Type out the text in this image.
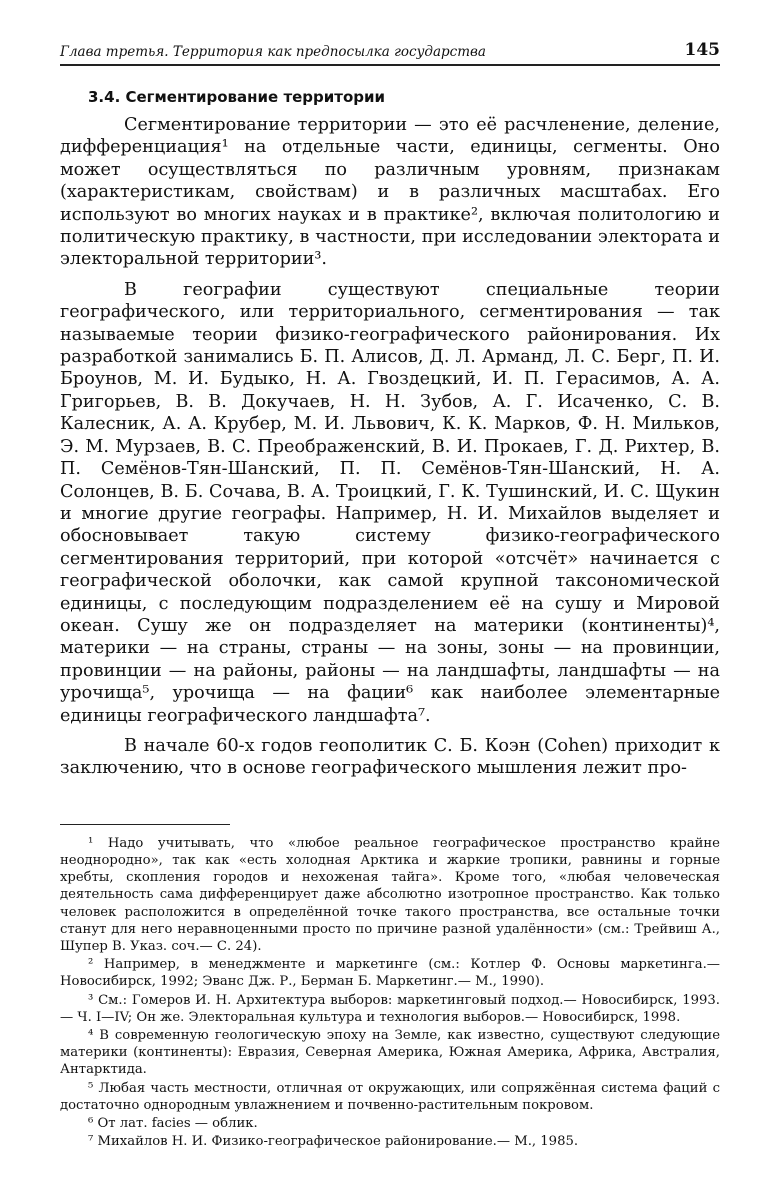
Глава третья. Территория как предпосылка государства	145
3.4. Сегментирование территории

Сегментирование территории — это её расчленение, деление, дифференциация¹ на отдельные части, единицы, сегменты. Оно может осуществляться по различным уровням, признакам (характеристикам, свойствам) и в различных масштабах. Его используют во многих науках и в практике², включая политологию и политическую практику, в частности, при исследовании электората и электоральной территории³.

В географии существуют специальные теории географического, или территориального, сегментирования — так называемые теории физико-географического районирования. Их разработкой занимались Б. П. Алисов, Д. Л. Арманд, Л. С. Берг, П. И. Броунов, М. И. Будыко, Н. А. Гвоздецкий, И. П. Герасимов, А. А. Григорьев, В. В. Докучаев, Н. Н. Зубов, А. Г. Исаченко, С. В. Калесник, А. А. Крубер, М. И. Львович, К. К. Марков, Ф. Н. Мильков, Э. М. Мурзаев, В. С. Преображенский, В. И. Прокаев, Г. Д. Рихтер, В. П. Семёнов-Тян-Шанский, П. П. Семёнов-Тян-Шанский, Н. А. Солонцев, В. Б. Сочава, В. А. Троицкий, Г. К. Тушинский, И. С. Щукин и многие другие географы. Например, Н. И. Михайлов выделяет и обосновывает такую систему физико-географического сегментирования территорий, при которой «отсчёт» начинается с географической оболочки, как самой крупной таксономической единицы, с последующим подразделением её на сушу и Мировой океан. Сушу же он подразделяет на материки (континенты)⁴, материки — на страны, страны — на зоны, зоны — на провинции, провинции — на районы, районы — на ландшафты, ландшафты — на урочища⁵, урочища — на фации⁶ как наиболее элементарные единицы географического ландшафта⁷.

В начале 60-х годов геополитик С. Б. Коэн (Cohen) приходит к заключению, что в основе географического мышления лежит про-

¹ Надо учитывать, что «любое реальное географическое пространство крайне неоднородно», так как «есть холодная Арктика и жаркие тропики, равнины и горные хребты, скопления городов и нехоженая тайга». Кроме того, «любая человеческая деятельность сама дифференцирует даже абсолютно изотропное пространство. Как только человек расположится в определённой точке такого пространства, все остальные точки станут для него неравноценными просто по причине разной удалённости» (см.: Трейвиш А., Шупер В. Указ. соч.— С. 24).

² Например, в менеджменте и маркетинге (см.: Котлер Ф. Основы маркетинга.— Новосибирск, 1992; Эванс Дж. Р., Берман Б. Маркетинг.— М., 1990).

³ См.: Гомеров И. Н. Архитектура выборов: маркетинговый подход.— Новосибирск, 1993.— Ч. I—IV; Он же. Электоральная культура и технология выборов.— Новосибирск, 1998.

⁴ В современную геологическую эпоху на Земле, как известно, существуют следующие материки (континенты): Евразия, Северная Америка, Южная Америка, Африка, Австралия, Антарктида.

⁵ Любая часть местности, отличная от окружающих, или сопряжённая система фаций с достаточно однородным увлажнением и почвенно-растительным покровом.

⁶ От лат. facies — облик.

⁷ Михайлов Н. И. Физико-географическое районирование.— М., 1985.
